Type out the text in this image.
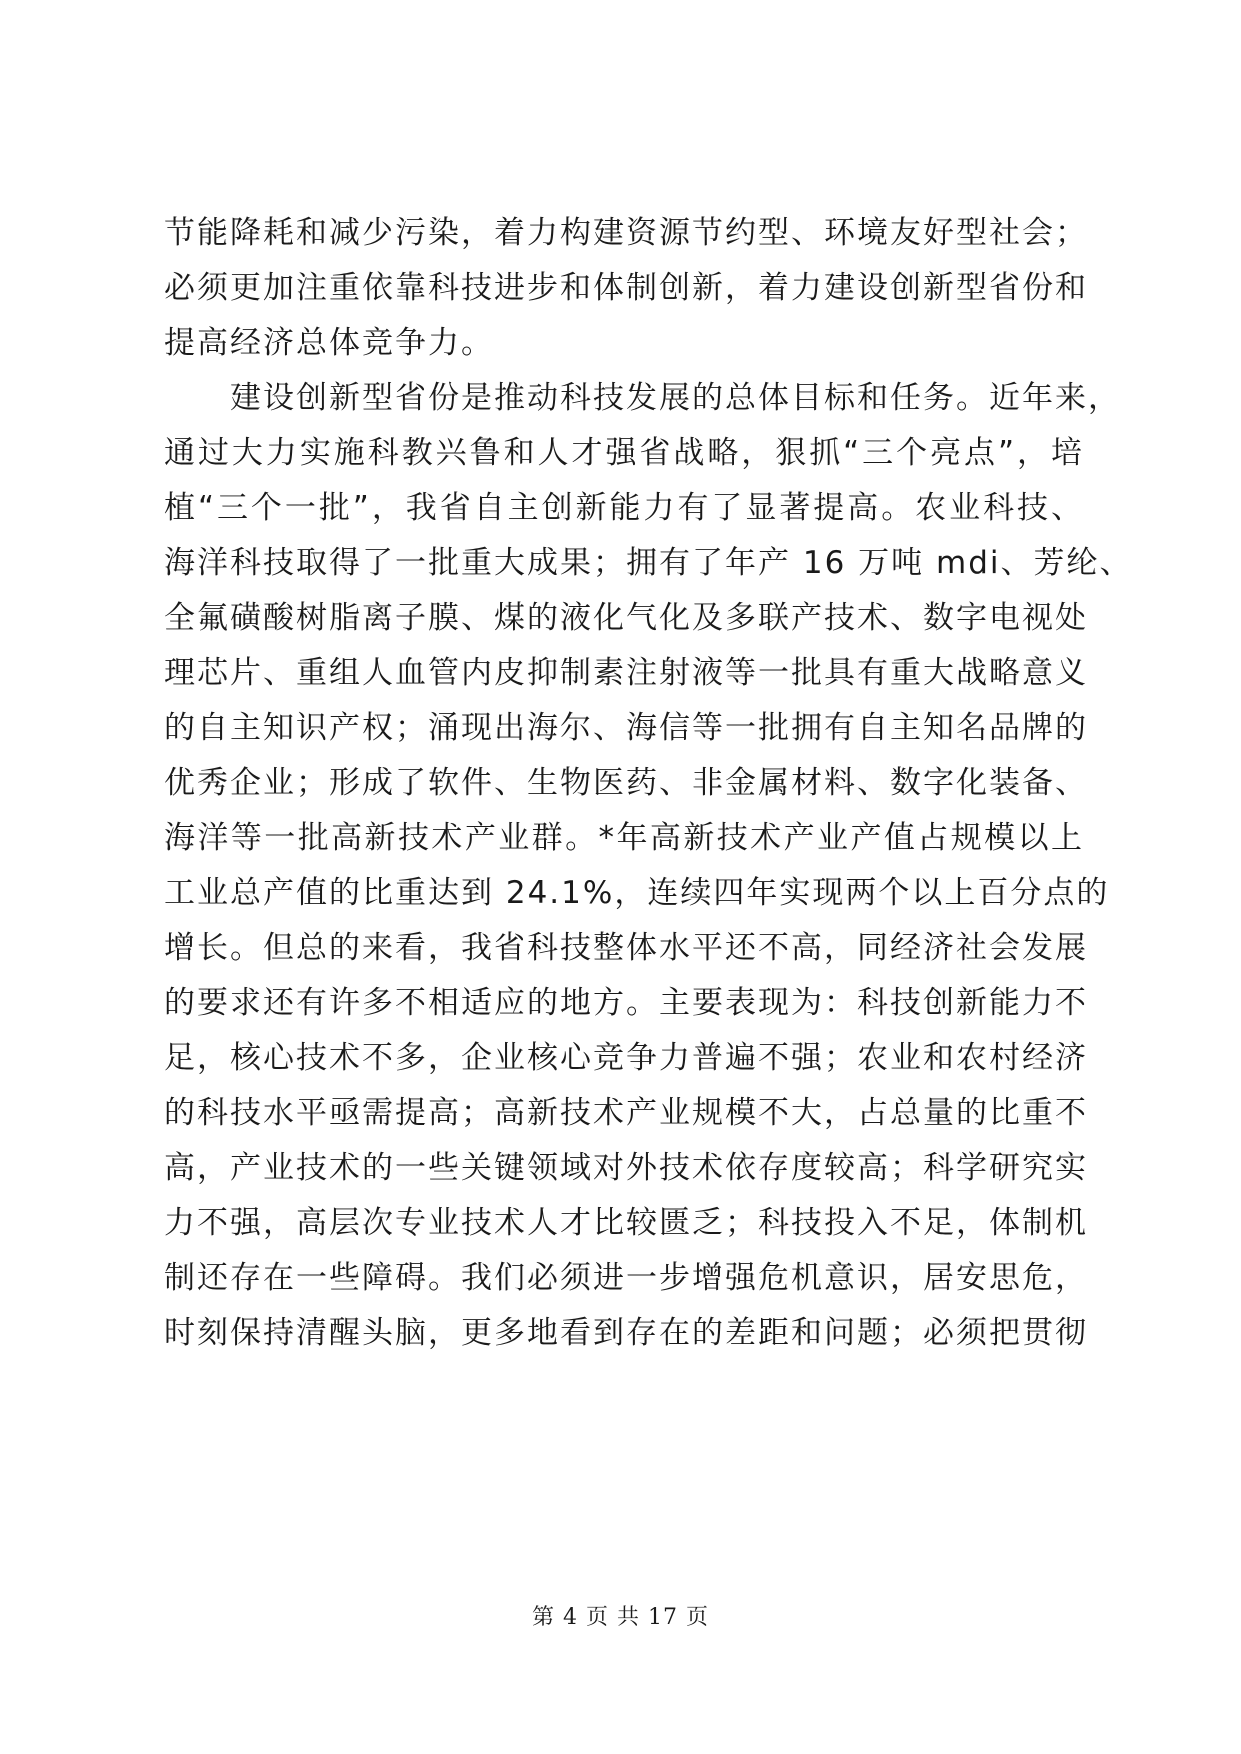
节能降耗和减少污染，着力构建资源节约型、环境友好型社会；
必须更加注重依靠科技进步和体制创新，着力建设创新型省份和
提高经济总体竞争力。
建设创新型省份是推动科技发展的总体目标和任务。近年来，
通过大力实施科教兴鲁和人才强省战略，狠抓“三个亮点”，培
植“三个一批”，我省自主创新能力有了显著提高。农业科技、
海洋科技取得了一批重大成果；拥有了年产 16 万吨 mdi、芳纶、
全氟磺酸树脂离子膜、煤的液化气化及多联产技术、数字电视处
理芯片、重组人血管内皮抑制素注射液等一批具有重大战略意义
的自主知识产权；涌现出海尔、海信等一批拥有自主知名品牌的
优秀企业；形成了软件、生物医药、非金属材料、数字化装备、
海洋等一批高新技术产业群。*年高新技术产业产值占规模以上
工业总产值的比重达到 24.1%，连续四年实现两个以上百分点的
增长。但总的来看，我省科技整体水平还不高，同经济社会发展
的要求还有许多不相适应的地方。主要表现为：科技创新能力不
足，核心技术不多，企业核心竞争力普遍不强；农业和农村经济
的科技水平亟需提高；高新技术产业规模不大，占总量的比重不
高，产业技术的一些关键领域对外技术依存度较高；科学研究实
力不强，高层次专业技术人才比较匮乏；科技投入不足，体制机
制还存在一些障碍。我们必须进一步增强危机意识，居安思危，
时刻保持清醒头脑，更多地看到存在的差距和问题；必须把贯彻
第 4 页 共 17 页
